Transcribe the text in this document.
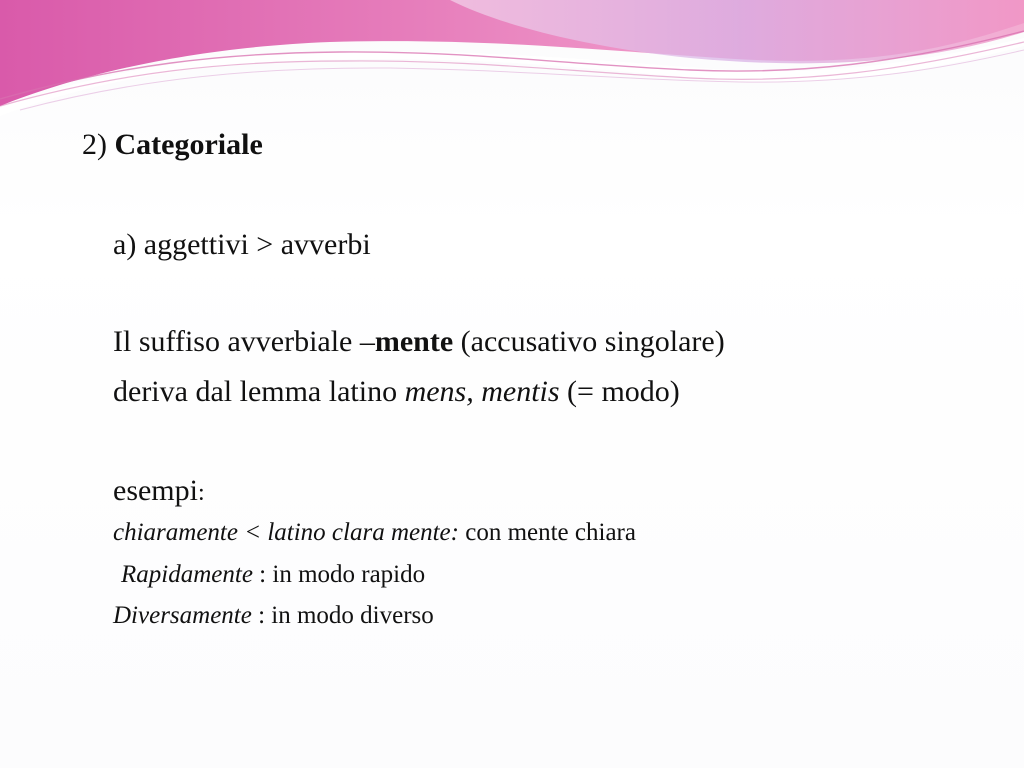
2) Categoriale
a) aggettivi > avverbi
Il suffiso avverbiale –mente (accusativo singolare)
deriva dal lemma latino mens, mentis (= modo)
esempi:
chiaramente < latino clara mente: con mente chiara
Rapidamente : in modo rapido
Diversamente : in modo diverso
